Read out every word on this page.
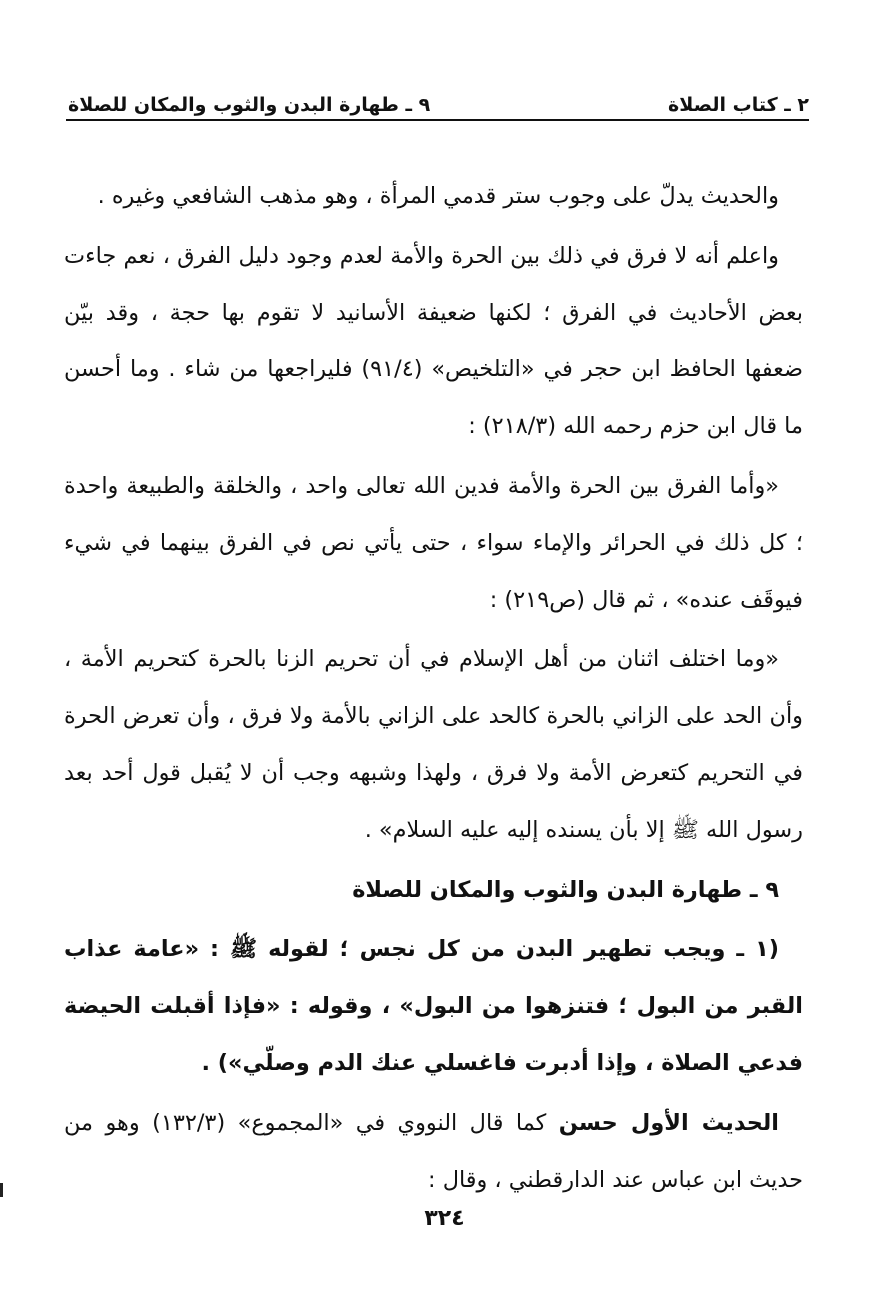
٢ ـ كتاب الصلاة
٩ ـ طهارة البدن والثوب والمكان للصلاة

والحديث يدلّ على وجوب ستر قدمي المرأة ، وهو مذهب الشافعي وغيره .

واعلم أنه لا فرق في ذلك بين الحرة والأمة لعدم وجود دليل الفرق ، نعم جاءت بعض الأحاديث في الفرق ؛ لكنها ضعيفة الأسانيد لا تقوم بها حجة ، وقد بيّن ضعفها الحافظ ابن حجر في «التلخيص» (٩١/٤) فليراجعها من شاء . وما أحسن ما قال ابن حزم رحمه الله (٢١٨/٣) :

«وأما الفرق بين الحرة والأمة فدين الله تعالى واحد ، والخلقة والطبيعة واحدة ؛ كل ذلك في الحرائر والإماء سواء ، حتى يأتي نص في الفرق بينهما في شيء فيوقَف عنده» ، ثم قال (ص٢١٩) :

«وما اختلف اثنان من أهل الإسلام في أن تحريم الزنا بالحرة كتحريم الأمة ، وأن الحد على الزاني بالحرة كالحد على الزاني بالأمة ولا فرق ، وأن تعرض الحرة في التحريم كتعرض الأمة ولا فرق ، ولهذا وشبهه وجب أن لا يُقبل قول أحد بعد رسول الله ﷺ إلا بأن يسنده إليه عليه السلام» .

٩ ـ طهارة البدن والثوب والمكان للصلاة

(١ ـ ويجب تطهير البدن من كل نجس ؛ لقوله ﷺ : «عامة عذاب القبر من البول ؛ فتنزهوا من البول» ، وقوله : «فإذا أقبلت الحيضة فدعي الصلاة ، وإذا أدبرت فاغسلي عنك الدم وصلّي») .

الحديث الأول حسن كما قال النووي في «المجموع» (١٣٢/٣) وهو من حديث ابن عباس عند الدارقطني ، وقال :

٣٢٤
